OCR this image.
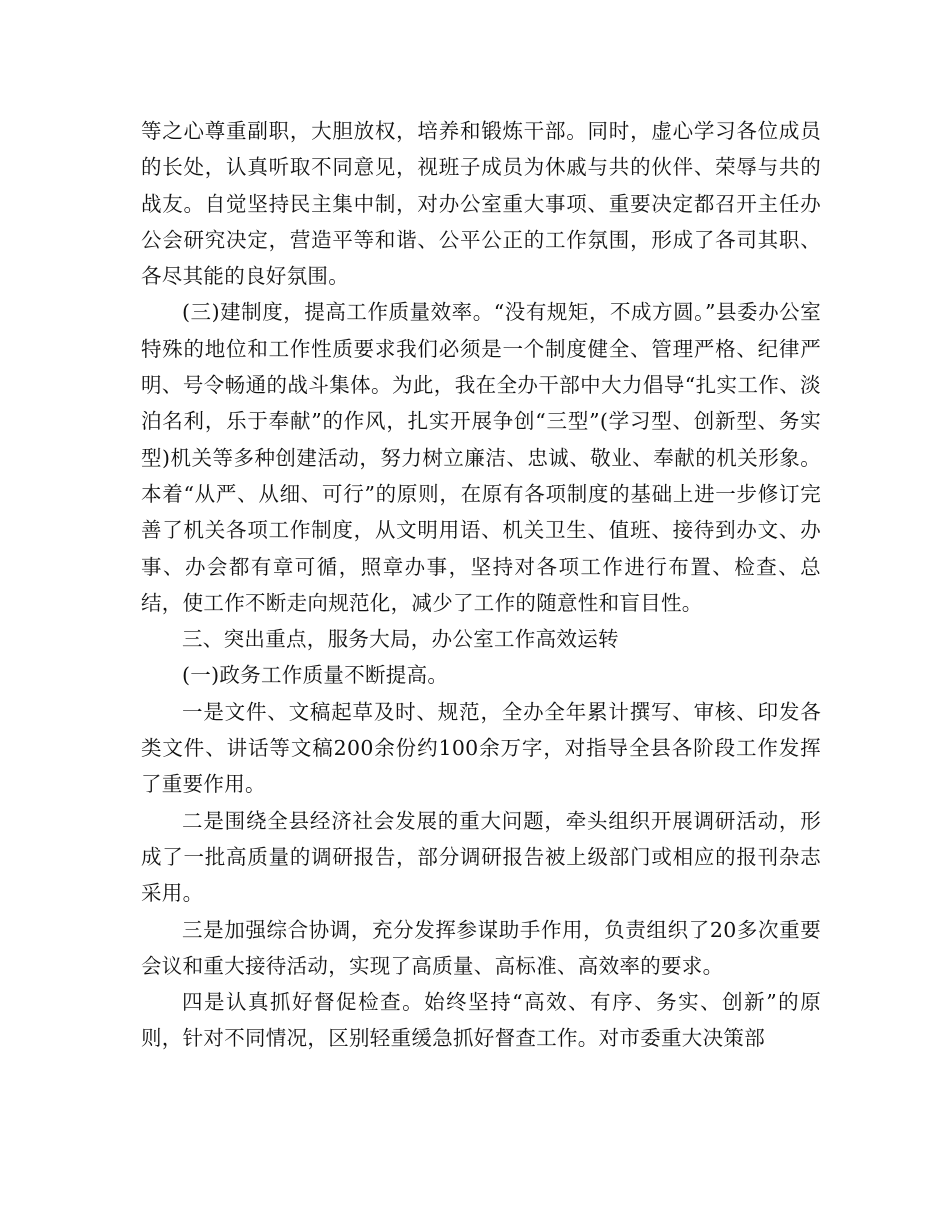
等之心尊重副职，大胆放权，培养和锻炼干部。同时，虚心学习各位成员的长处，认真听取不同意见，视班子成员为休戚与共的伙伴、荣辱与共的战友。自觉坚持民主集中制，对办公室重大事项、重要决定都召开主任办公会研究决定，营造平等和谐、公平公正的工作氛围，形成了各司其职、各尽其能的良好氛围。

(三)建制度，提高工作质量效率。“没有规矩，不成方圆。”县委办公室特殊的地位和工作性质要求我们必须是一个制度健全、管理严格、纪律严明、号令畅通的战斗集体。为此，我在全办干部中大力倡导“扎实工作、淡泊名利，乐于奉献”的作风，扎实开展争创“三型”(学习型、创新型、务实型)机关等多种创建活动，努力树立廉洁、忠诚、敬业、奉献的机关形象。本着“从严、从细、可行”的原则，在原有各项制度的基础上进一步修订完善了机关各项工作制度，从文明用语、机关卫生、值班、接待到办文、办事、办会都有章可循，照章办事，坚持对各项工作进行布置、检查、总结，使工作不断走向规范化，减少了工作的随意性和盲目性。

三、突出重点，服务大局，办公室工作高效运转

(一)政务工作质量不断提高。

一是文件、文稿起草及时、规范，全办全年累计撰写、审核、印发各类文件、讲话等文稿200余份约100余万字，对指导全县各阶段工作发挥了重要作用。

二是围绕全县经济社会发展的重大问题，牵头组织开展调研活动，形成了一批高质量的调研报告，部分调研报告被上级部门或相应的报刊杂志采用。

三是加强综合协调，充分发挥参谋助手作用，负责组织了20多次重要会议和重大接待活动，实现了高质量、高标准、高效率的要求。

四是认真抓好督促检查。始终坚持“高效、有序、务实、创新”的原则，针对不同情况，区别轻重缓急抓好督查工作。对市委重大决策部
